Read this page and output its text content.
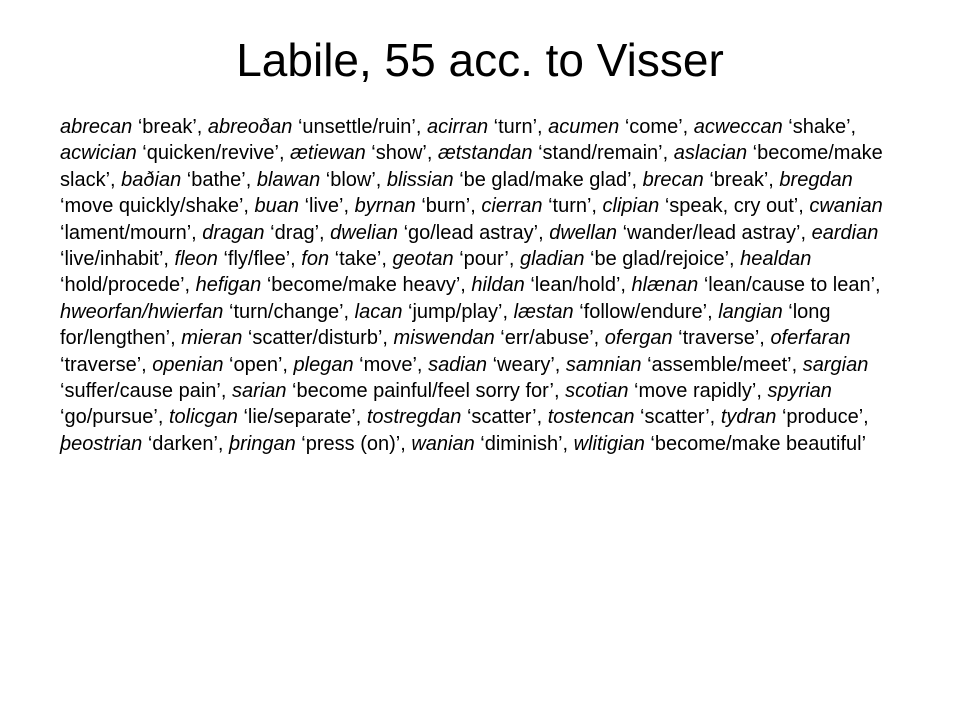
Labile, 55 acc. to Visser

abrecan ‘break’, abreoðan ‘unsettle/ruin’, acirran ‘turn’, acumen ‘come’, acweccan ‘shake’, acwician ‘quicken/revive’, ætiewan ‘show’, ætstandan ‘stand/remain’, aslacian ‘become/make slack’, baðian ‘bathe’, blawan ‘blow’, blissian ‘be glad/make glad’, brecan ‘break’, bregdan ‘move quickly/shake’, buan ‘live’, byrnan ‘burn’, cierran ‘turn’, clipian ‘speak, cry out’, cwanian ‘lament/mourn’, dragan ‘drag’, dwelian ‘go/lead astray’, dwellan ‘wander/lead astray’, eardian ‘live/inhabit’, fleon ‘fly/flee’, fon ‘take’, geotan ‘pour’, gladian ‘be glad/rejoice’, healdan ‘hold/procede’, hefigan ‘become/make heavy’, hildan ‘lean/hold’, hlænan ‘lean/cause to lean’, hweorfan/hwierfan ‘turn/change’, lacan ‘jump/play’, læstan ‘follow/endure’, langian ‘long for/lengthen’, mieran ‘scatter/disturb’, miswendan ‘err/abuse’, ofergan ‘traverse’, oferfaran ‘traverse’, openian ‘open’, plegan ‘move’, sadian ‘weary’, samnian ‘assemble/meet’, sargian ‘suffer/cause pain’, sarian ‘become painful/feel sorry for’, scotian ‘move rapidly’, spyrian ‘go/pursue’, tolicgan ‘lie/separate’, tostregdan ‘scatter’, tostencan ‘scatter’, tydran ‘produce’, þeostrian ‘darken’, þringan ‘press (on)’, wanian ‘diminish’, wlitigian ‘become/make beautiful’
